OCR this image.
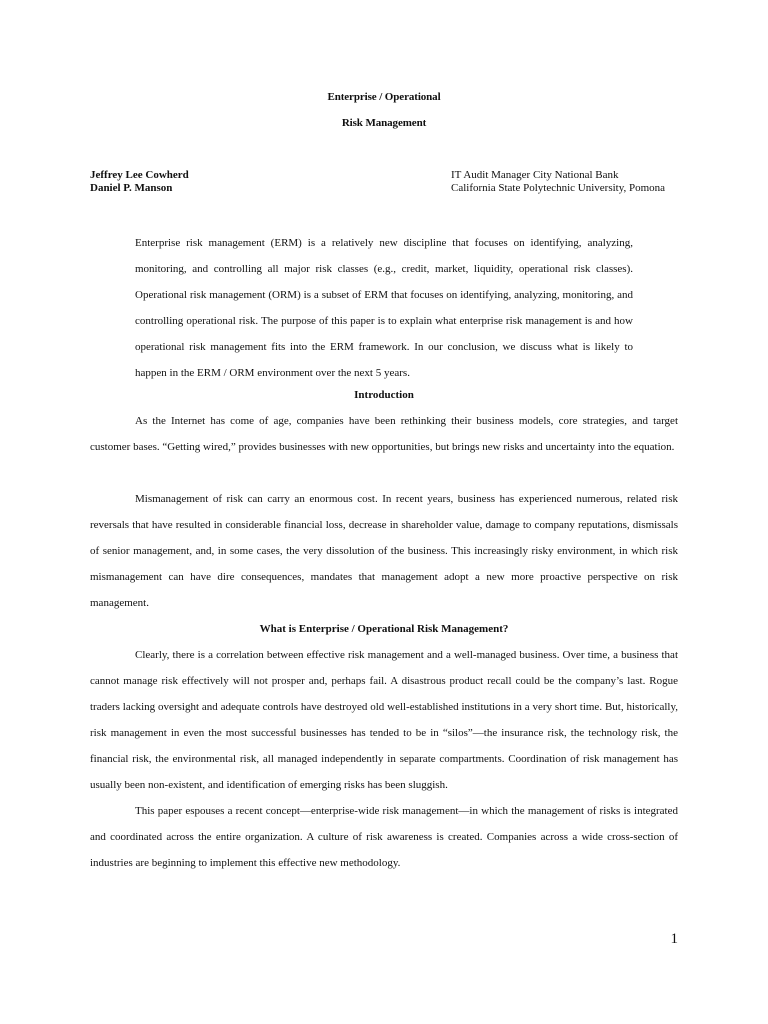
Enterprise / Operational
Risk Management
Jeffrey Lee Cowherd	IT Audit Manager City National Bank
Daniel P. Manson	California State Polytechnic University, Pomona

Enterprise risk management (ERM) is a relatively new discipline that focuses on identifying, analyzing, monitoring, and controlling all major risk classes (e.g., credit, market, liquidity, operational risk classes). Operational risk management (ORM) is a subset of ERM that focuses on identifying, analyzing, monitoring, and controlling operational risk. The purpose of this paper is to explain what enterprise risk management is and how operational risk management fits into the ERM framework. In our conclusion, we discuss what is likely to happen in the ERM / ORM environment over the next 5 years.

Introduction

As the Internet has come of age, companies have been rethinking their business models, core strategies, and target customer bases. “Getting wired,” provides businesses with new opportunities, but brings new risks and uncertainty into the equation.

Mismanagement of risk can carry an enormous cost. In recent years, business has experienced numerous, related risk reversals that have resulted in considerable financial loss, decrease in shareholder value, damage to company reputations, dismissals of senior management, and, in some cases, the very dissolution of the business. This increasingly risky environment, in which risk mismanagement can have dire consequences, mandates that management adopt a new more proactive perspective on risk management.

What is Enterprise / Operational Risk Management?

Clearly, there is a correlation between effective risk management and a well-managed business. Over time, a business that cannot manage risk effectively will not prosper and, perhaps fail. A disastrous product recall could be the company’s last. Rogue traders lacking oversight and adequate controls have destroyed old well-established institutions in a very short time. But, historically, risk management in even the most successful businesses has tended to be in “silos”—the insurance risk, the technology risk, the financial risk, the environmental risk, all managed independently in separate compartments. Coordination of risk management has usually been non-existent, and identification of emerging risks has been sluggish.

This paper espouses a recent concept—enterprise-wide risk management—in which the management of risks is integrated and coordinated across the entire organization. A culture of risk awareness is created. Companies across a wide cross-section of industries are beginning to implement this effective new methodology.

1
